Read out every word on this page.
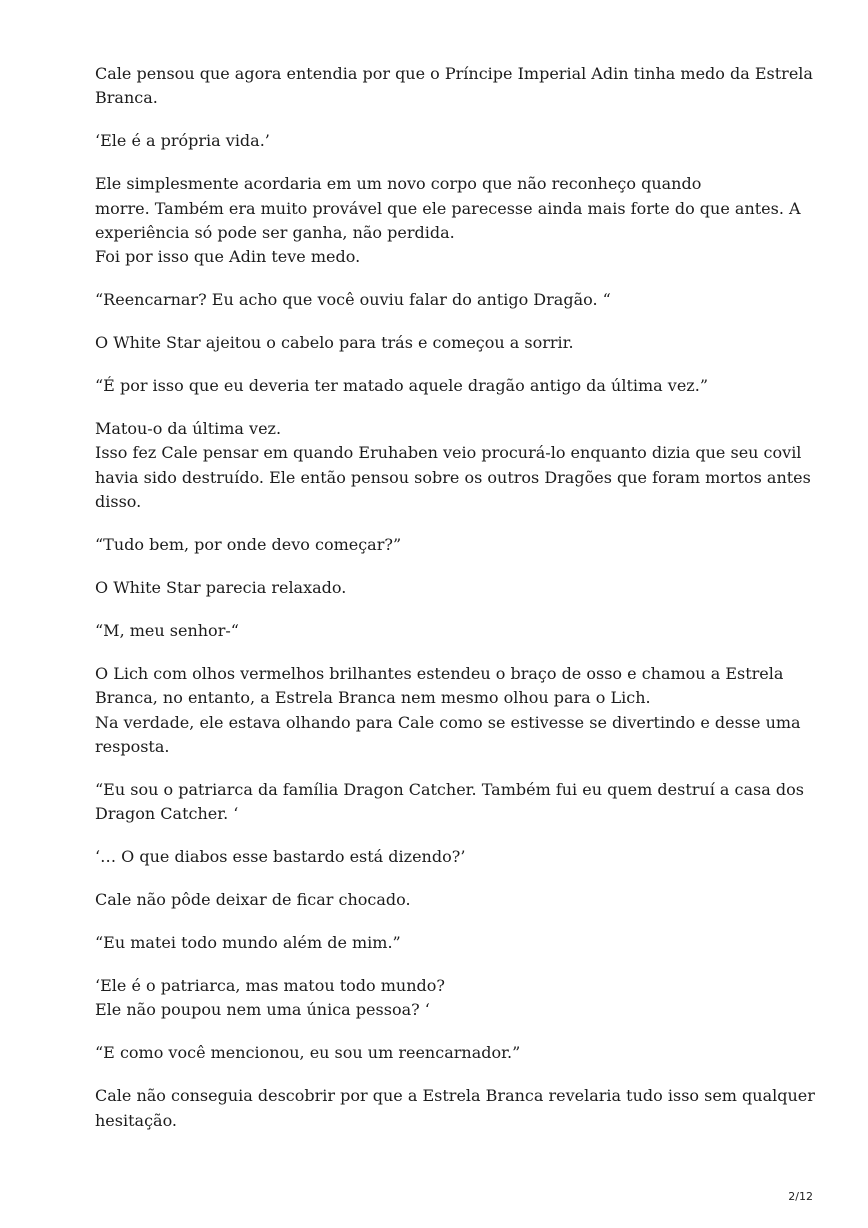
Cale pensou que agora entendia por que o Príncipe Imperial Adin tinha medo da Estrela
Branca.

‘Ele é a própria vida.’

Ele simplesmente acordaria em um novo corpo que não reconheço quando
morre. Também era muito provável que ele parecesse ainda mais forte do que antes. A
experiência só pode ser ganha, não perdida.
Foi por isso que Adin teve medo.

“Reencarnar? Eu acho que você ouviu falar do antigo Dragão. “

O White Star ajeitou o cabelo para trás e começou a sorrir.

“É por isso que eu deveria ter matado aquele dragão antigo da última vez.”

Matou-o da última vez.
Isso fez Cale pensar em quando Eruhaben veio procurá-lo enquanto dizia que seu covil
havia sido destruído. Ele então pensou sobre os outros Dragões que foram mortos antes
disso.

“Tudo bem, por onde devo começar?”

O White Star parecia relaxado.

“M, meu senhor-“

O Lich com olhos vermelhos brilhantes estendeu o braço de osso e chamou a Estrela
Branca, no entanto, a Estrela Branca nem mesmo olhou para o Lich.
Na verdade, ele estava olhando para Cale como se estivesse se divertindo e desse uma
resposta.

“Eu sou o patriarca da família Dragon Catcher. Também fui eu quem destruí a casa dos
Dragon Catcher. ‘

‘… O que diabos esse bastardo está dizendo?’

Cale não pôde deixar de ficar chocado.

“Eu matei todo mundo além de mim.”

‘Ele é o patriarca, mas matou todo mundo?
Ele não poupou nem uma única pessoa? ‘

“E como você mencionou, eu sou um reencarnador.”

Cale não conseguia descobrir por que a Estrela Branca revelaria tudo isso sem qualquer
hesitação.

2/12
